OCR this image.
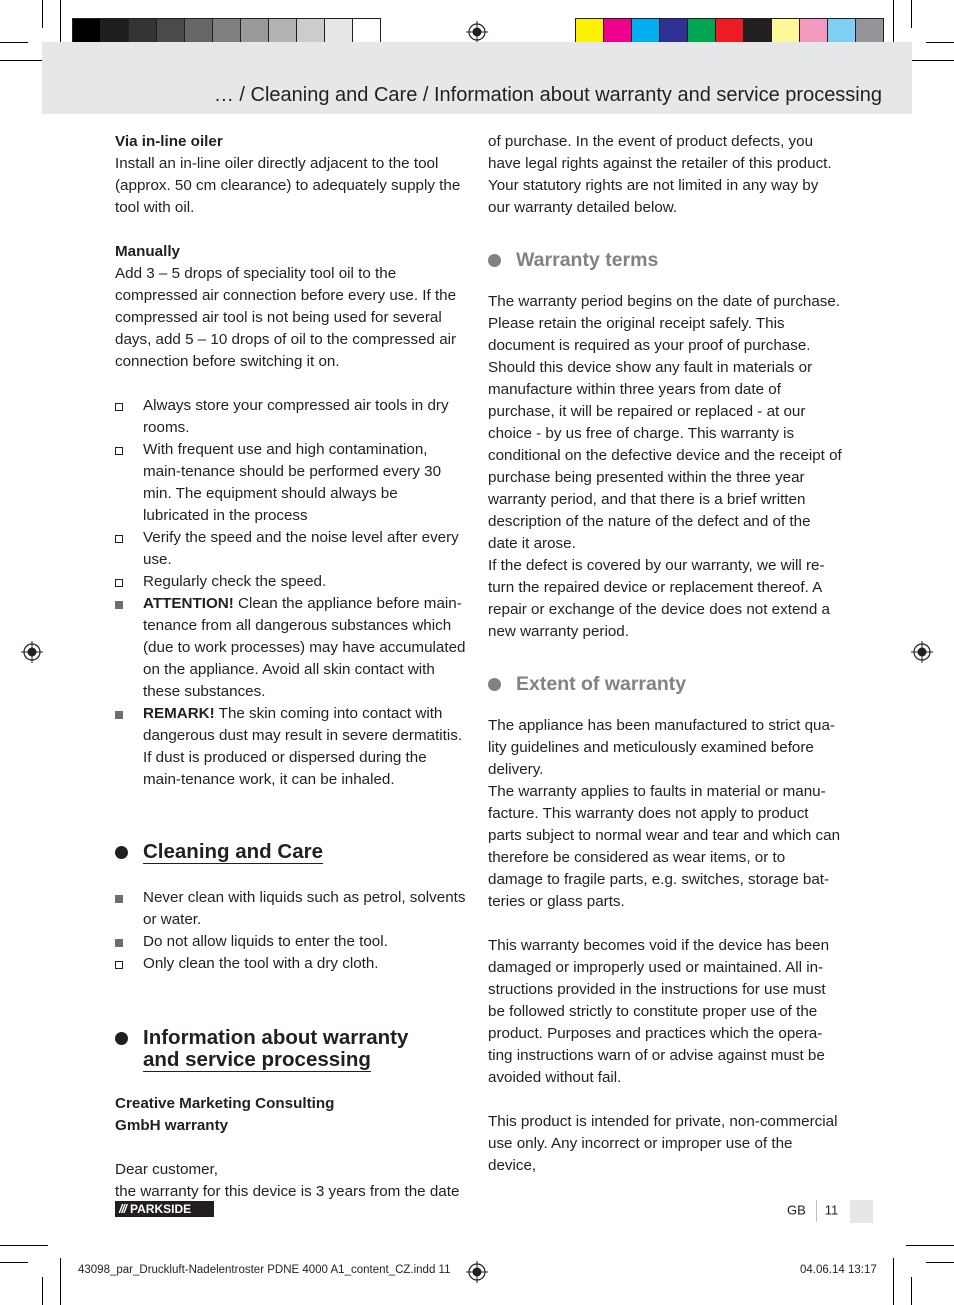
… / Cleaning and Care / Information about warranty and service processing

Via in-line oiler

Install an in-line oiler directly adjacent to the tool (approx. 50 cm clearance) to adequately supply the tool with oil.

Manually

Add 3 – 5 drops of speciality tool oil to the compressed air connection before every use. If the compressed air tool is not being used for several days, add 5 – 10 drops of oil to the compressed air connection before switching it on.

Always store your compressed air tools in dry rooms.
With frequent use and high contamination, main-tenance should be performed every 30 min. The equipment should always be lubricated in the process
Verify the speed and the noise level after every use.
Regularly check the speed.
ATTENTION! Clean the appliance before main-tenance from all dangerous substances which (due to work processes) may have accumulated on the appliance. Avoid all skin contact with these substances.
REMARK! The skin coming into contact with dangerous dust may result in severe dermatitis. If dust is produced or dispersed during the main-tenance work, it can be inhaled.
Cleaning and Care
Never clean with liquids such as petrol, solvents or water.
Do not allow liquids to enter the tool.
Only clean the tool with a dry cloth.
Information about warranty
and service processing

Creative Marketing Consulting
GmbH warranty

Dear customer,

the warranty for this device is 3 years from the date

of purchase. In the event of product defects, you have legal rights against the retailer of this product. Your statutory rights are not limited in any way by our warranty detailed below.

Warranty terms

The warranty period begins on the date of purchase. Please retain the original receipt safely. This document is required as your proof of purchase.

Should this device show any fault in materials or manufacture within three years from date of purchase, it will be repaired or replaced - at our choice - by us free of charge. This warranty is conditional on the defective device and the receipt of purchase being presented within the three year warranty period, and that there is a brief written description of the nature of the defect and of the date it arose.

If the defect is covered by our warranty, we will re-turn the repaired device or replacement thereof. A repair or exchange of the device does not extend a new warranty period.

Extent of warranty

The appliance has been manufactured to strict qua-lity guidelines and meticulously examined before delivery.

The warranty applies to faults in material or manu-facture. This warranty does not apply to product parts subject to normal wear and tear and which can therefore be considered as wear items, or to damage to fragile parts, e.g. switches, storage bat-teries or glass parts.

This warranty becomes void if the device has been damaged or improperly used or maintained. All in-structions provided in the instructions for use must be followed strictly to constitute proper use of the product. Purposes and practices which the opera-ting instructions warn of or advise against must be avoided without fail.

This product is intended for private, non-commercial use only. Any incorrect or improper use of the device,

/// PARKSIDE	GB 11
43098_par_Druckluft-Nadelentroster PDNE 4000 A1_content_CZ.indd 11	04.06.14 13:17
